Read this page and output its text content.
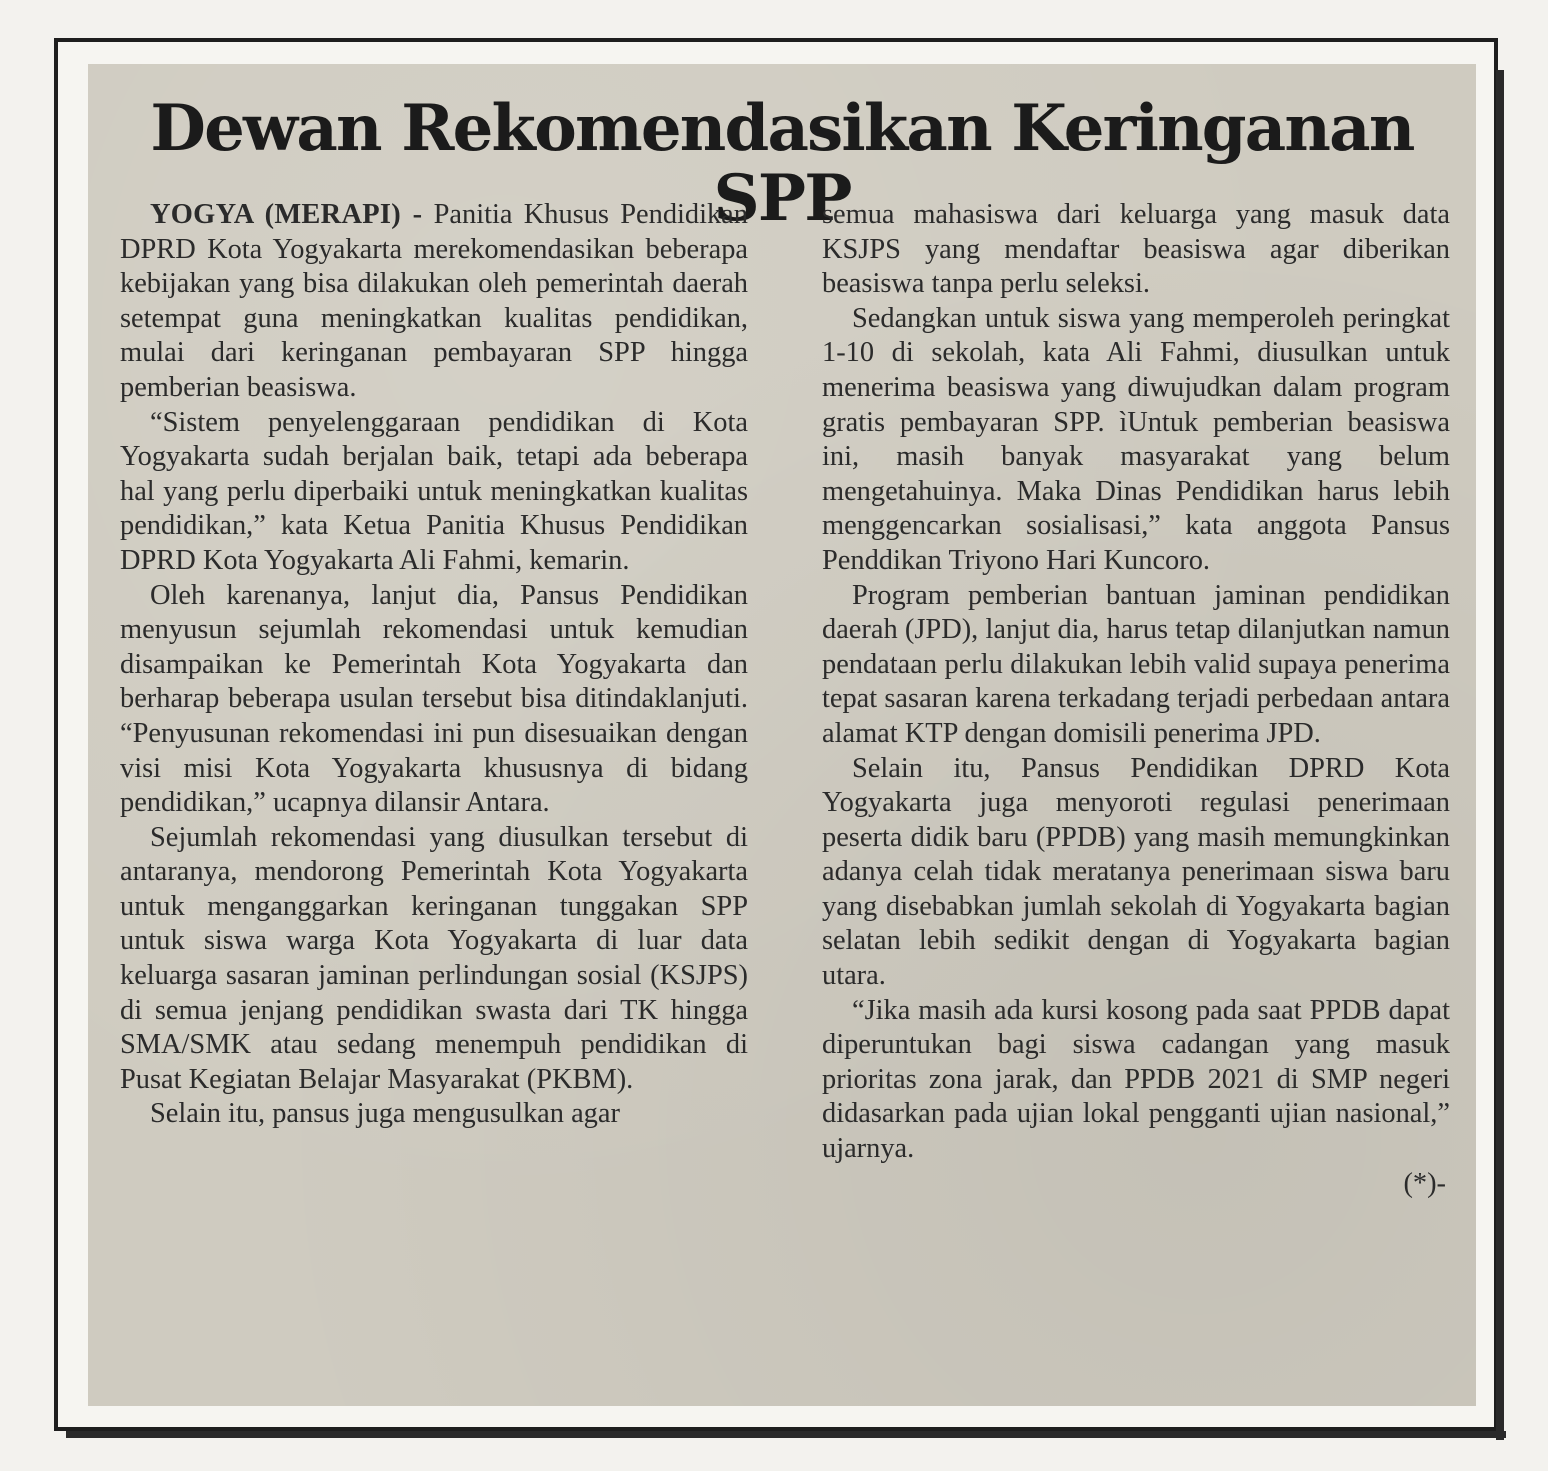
Dewan Rekomendasikan Keringanan SPP

YOGYA (MERAPI) - Panitia Khusus Pendidikan DPRD Kota Yogyakarta merekomendasikan beberapa kebijakan yang bisa dilakukan oleh pemerintah daerah setempat guna meningkatkan kualitas pendidikan, mulai dari keringanan pembayaran SPP hingga pemberian beasiswa.

“Sistem penyelenggaraan pendidikan di Kota Yogyakarta sudah berjalan baik, tetapi ada beberapa hal yang perlu diperbaiki untuk meningkatkan kualitas pendidikan,” kata Ketua Panitia Khusus Pendidikan DPRD Kota Yogyakarta Ali Fahmi, kemarin.

Oleh karenanya, lanjut dia, Pansus Pendidikan menyusun sejumlah rekomendasi untuk kemudian disampaikan ke Pemerintah Kota Yogyakarta dan berharap beberapa usulan tersebut bisa ditindaklanjuti. “Penyusunan rekomendasi ini pun disesuaikan dengan visi misi Kota Yogyakarta khususnya di bidang pendidikan,” ucapnya dilansir Antara.

Sejumlah rekomendasi yang diusulkan tersebut di antaranya, mendorong Pemerintah Kota Yogyakarta untuk menganggarkan keringanan tunggakan SPP untuk siswa warga Kota Yogyakarta di luar data keluarga sasaran jaminan perlindungan sosial (KSJPS) di semua jenjang pendidikan swasta dari TK hingga SMA/SMK atau sedang menempuh pendidikan di Pusat Kegiatan Belajar Masyarakat (PKBM).

Selain itu, pansus juga mengusulkan agar

semua mahasiswa dari keluarga yang masuk data KSJPS yang mendaftar beasiswa agar diberikan beasiswa tanpa perlu seleksi.

Sedangkan untuk siswa yang memperoleh peringkat 1-10 di sekolah, kata Ali Fahmi, diusulkan untuk menerima beasiswa yang diwujudkan dalam program gratis pembayaran SPP. ìUntuk pemberian beasiswa ini, masih banyak masyarakat yang belum mengetahuinya. Maka Dinas Pendidikan harus lebih menggencarkan sosialisasi,” kata anggota Pansus Penddikan Triyono Hari Kuncoro.

Program pemberian bantuan jaminan pendidikan daerah (JPD), lanjut dia, harus tetap dilanjutkan namun pendataan perlu dilakukan lebih valid supaya penerima tepat sasaran karena terkadang terjadi perbedaan antara alamat KTP dengan domisili penerima JPD.

Selain itu, Pansus Pendidikan DPRD Kota Yogyakarta juga menyoroti regulasi penerimaan peserta didik baru (PPDB) yang masih memungkinkan adanya celah tidak meratanya penerimaan siswa baru yang disebabkan jumlah sekolah di Yogyakarta bagian selatan lebih sedikit dengan di Yogyakarta bagian utara.

“Jika masih ada kursi kosong pada saat PPDB dapat diperuntukan bagi siswa cadangan yang masuk prioritas zona jarak, dan PPDB 2021 di SMP negeri didasarkan pada ujian lokal pengganti ujian nasional,” ujarnya.

(*)-
